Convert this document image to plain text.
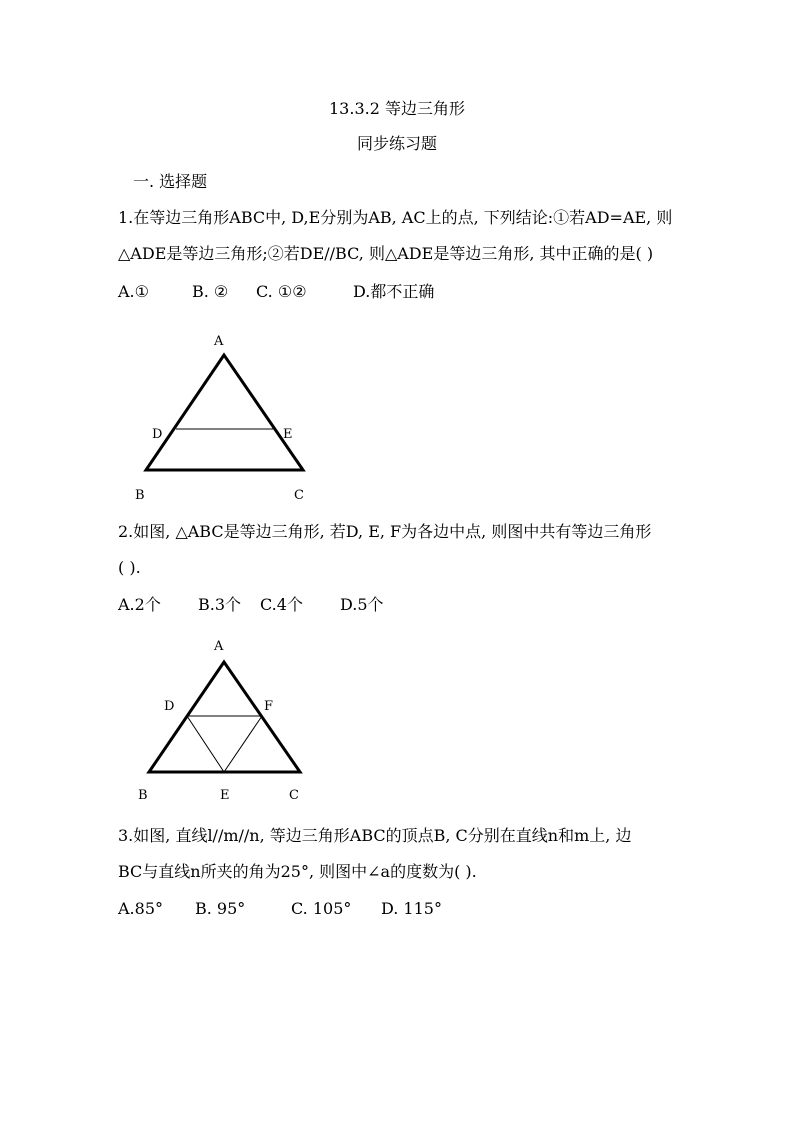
13.3.2 等边三角形
同步练习题
一. 选择题
1.在等边三角形ABC中, D,E分别为AB, AC上的点, 下列结论:①若AD=AE, 则
△ADE是等边三角形;②若DE//BC, 则△ADE是等边三角形, 其中正确的是( )
A.①	B. ② C. ①②	D.都不正确
A
B	C
D	E
2.如图, △ABC是等边三角形, 若D, E, F为各边中点, 则图中共有等边三角形
( ).
A.2个 B.3个 C.4个 D.5个
A
B	C
D	F
E
3.如图, 直线l//m//n, 等边三角形ABC的顶点B, C分别在直线n和m上, 边
BC与直线n所夹的角为25°, 则图中∠a的度数为( ).
A.85° B. 95°	C. 105° D. 115°
